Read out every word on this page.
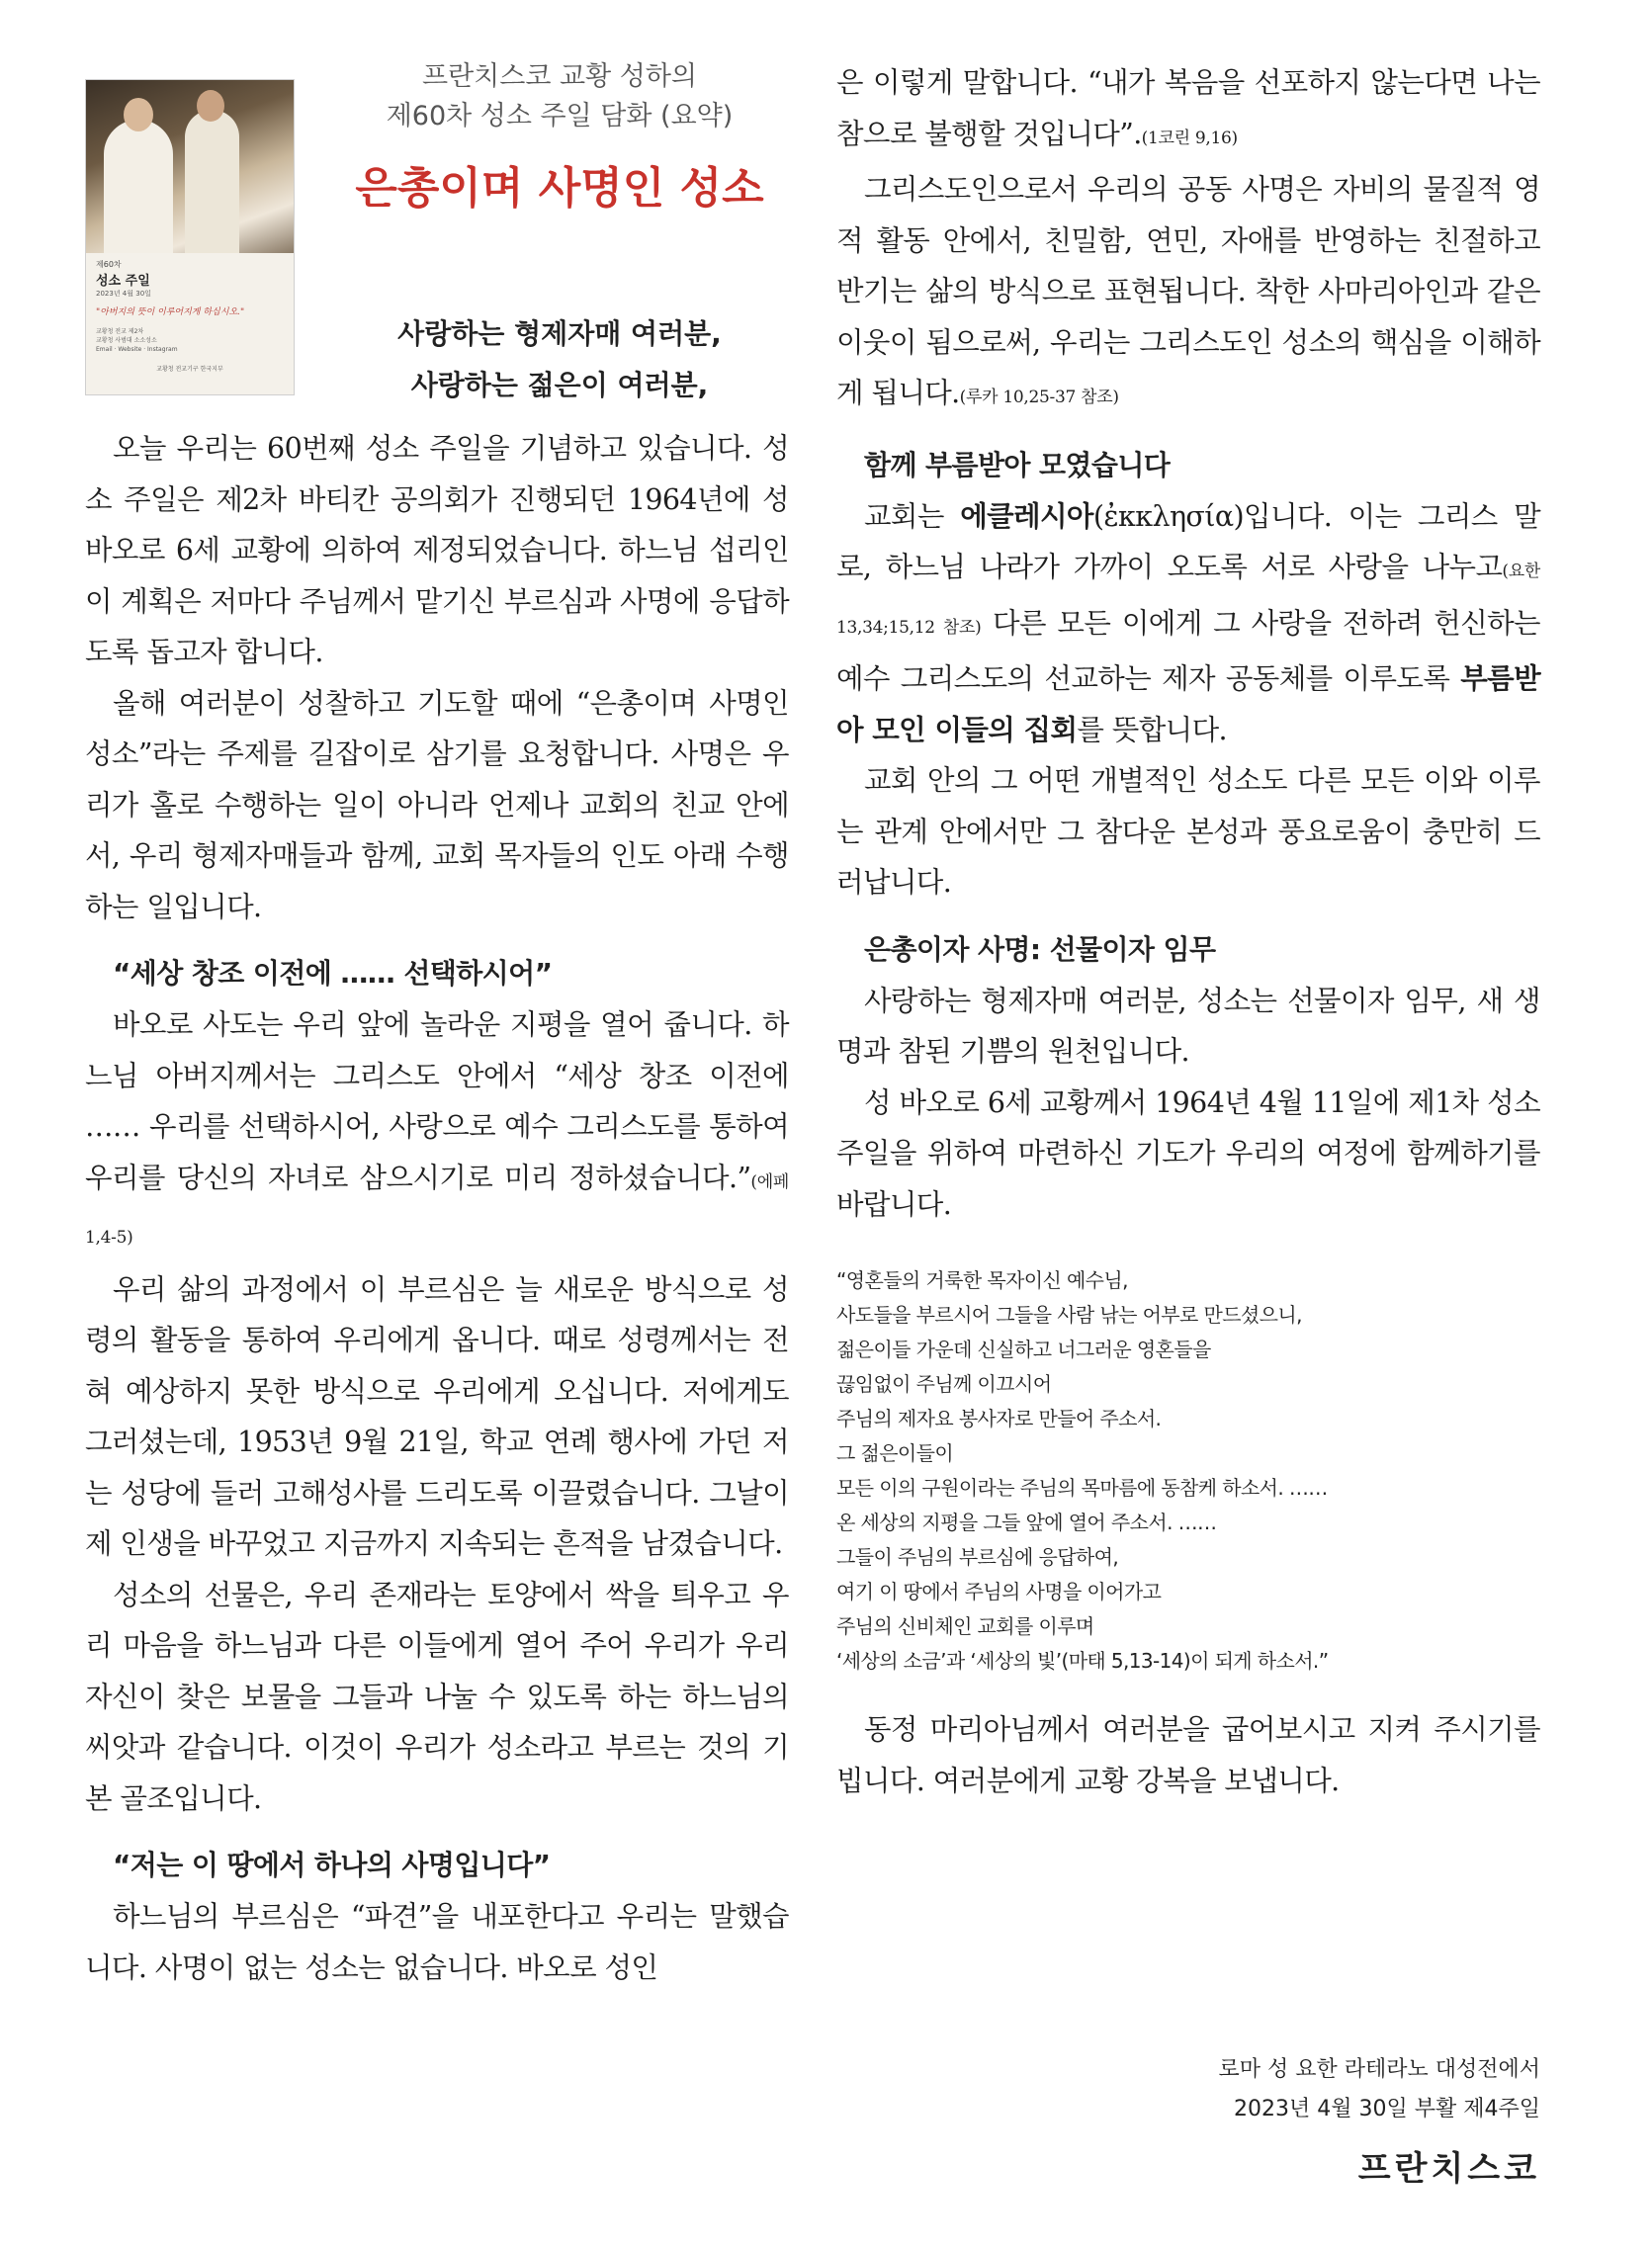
제60차
성소 주일
2023년 4월 30일
"아버지의 뜻이 이루어지게 하십시오."
교황청 전교 제2차
교황청 사범대 소소성소
Email · Website · Instagram
교황청 전교기구 한국지부
프란치스코 교황 성하의
제60차 성소 주일 담화 (요약)
은총이며 사명인 성소
사랑하는 형제자매 여러분,
사랑하는 젊은이 여러분,

오늘 우리는 60번째 성소 주일을 기념하고 있습니다. 성소 주일은 제2차 바티칸 공의회가 진행되던 1964년에 성 바오로 6세 교황에 의하여 제정되었습니다. 하느님 섭리인 이 계획은 저마다 주님께서 맡기신 부르심과 사명에 응답하도록 돕고자 합니다.

올해 여러분이 성찰하고 기도할 때에 “은총이며 사명인 성소”라는 주제를 길잡이로 삼기를 요청합니다. 사명은 우리가 홀로 수행하는 일이 아니라 언제나 교회의 친교 안에서, 우리 형제자매들과 함께, 교회 목자들의 인도 아래 수행하는 일입니다.

“세상 창조 이전에 …… 선택하시어”

바오로 사도는 우리 앞에 놀라운 지평을 열어 줍니다. 하느님 아버지께서는 그리스도 안에서 “세상 창조 이전에 …… 우리를 선택하시어, 사랑으로 예수 그리스도를 통하여 우리를 당신의 자녀로 삼으시기로 미리 정하셨습니다.”(에페 1,4-5)

우리 삶의 과정에서 이 부르심은 늘 새로운 방식으로 성령의 활동을 통하여 우리에게 옵니다. 때로 성령께서는 전혀 예상하지 못한 방식으로 우리에게 오십니다. 저에게도 그러셨는데, 1953년 9월 21일, 학교 연례 행사에 가던 저는 성당에 들러 고해성사를 드리도록 이끌렸습니다. 그날이 제 인생을 바꾸었고 지금까지 지속되는 흔적을 남겼습니다.

성소의 선물은, 우리 존재라는 토양에서 싹을 틔우고 우리 마음을 하느님과 다른 이들에게 열어 주어 우리가 우리 자신이 찾은 보물을 그들과 나눌 수 있도록 하는 하느님의 씨앗과 같습니다. 이것이 우리가 성소라고 부르는 것의 기본 골조입니다.

“저는 이 땅에서 하나의 사명입니다”

하느님의 부르심은 “파견”을 내포한다고 우리는 말했습니다. 사명이 없는 성소는 없습니다. 바오로 성인

은 이렇게 말합니다. “내가 복음을 선포하지 않는다면 나는 참으로 불행할 것입니다”.(1코린 9,16)

그리스도인으로서 우리의 공동 사명은 자비의 물질적 영적 활동 안에서, 친밀함, 연민, 자애를 반영하는 친절하고 반기는 삶의 방식으로 표현됩니다. 착한 사마리아인과 같은 이웃이 됨으로써, 우리는 그리스도인 성소의 핵심을 이해하게 됩니다.(루카 10,25-37 참조)

함께 부름받아 모였습니다

교회는 에클레시아(ἐκκλησία)입니다. 이는 그리스 말로, 하느님 나라가 가까이 오도록 서로 사랑을 나누고(요한 13,34;15,12 참조) 다른 모든 이에게 그 사랑을 전하려 헌신하는 예수 그리스도의 선교하는 제자 공동체를 이루도록 부름받아 모인 이들의 집회를 뜻합니다.

교회 안의 그 어떤 개별적인 성소도 다른 모든 이와 이루는 관계 안에서만 그 참다운 본성과 풍요로움이 충만히 드러납니다.

은총이자 사명: 선물이자 임무

사랑하는 형제자매 여러분, 성소는 선물이자 임무, 새 생명과 참된 기쁨의 원천입니다.

성 바오로 6세 교황께서 1964년 4월 11일에 제1차 성소 주일을 위하여 마련하신 기도가 우리의 여정에 함께하기를 바랍니다.

“영혼들의 거룩한 목자이신 예수님,
사도들을 부르시어 그들을 사람 낚는 어부로 만드셨으니,
젊은이들 가운데 신실하고 너그러운 영혼들을
끊임없이 주님께 이끄시어
주님의 제자요 봉사자로 만들어 주소서.
그 젊은이들이
모든 이의 구원이라는 주님의 목마름에 동참케 하소서. ……
온 세상의 지평을 그들 앞에 열어 주소서. ……
그들이 주님의 부르심에 응답하여,
여기 이 땅에서 주님의 사명을 이어가고
주님의 신비체인 교회를 이루며
‘세상의 소금’과 ‘세상의 빛’(마태 5,13-14)이 되게 하소서.”

동정 마리아님께서 여러분을 굽어보시고 지켜 주시기를 빕니다. 여러분에게 교황 강복을 보냅니다.

로마 성 요한 라테라노 대성전에서
2023년 4월 30일 부활 제4주일
프란치스코
